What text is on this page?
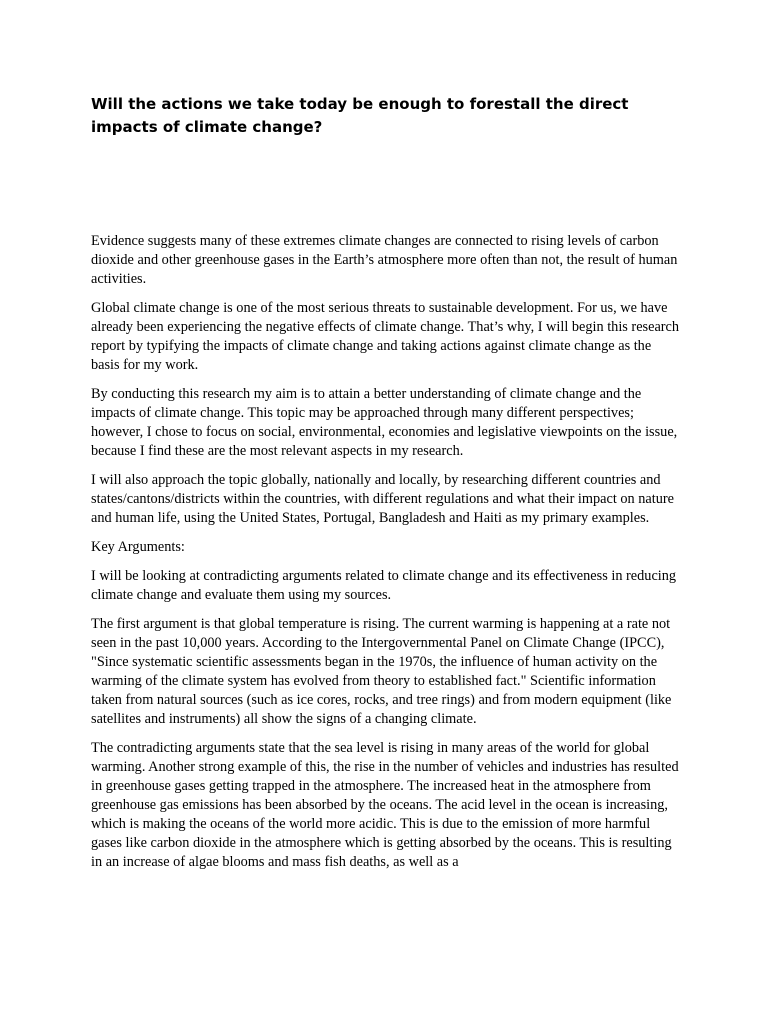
Will the actions we take today be enough to forestall the direct impacts of climate change?

Evidence suggests many of these extremes climate changes are connected to rising levels of carbon dioxide and other greenhouse gases in the Earth’s atmosphere more often than not, the result of human activities.

Global climate change is one of the most serious threats to sustainable development. For us, we have already been experiencing the negative effects of climate change. That’s why, I will begin this research report by typifying the impacts of climate change and taking actions against climate change as the basis for my work.

By conducting this research my aim is to attain a better understanding of climate change and the impacts of climate change. This topic may be approached through many different perspectives; however, I chose to focus on social, environmental, economies and legislative viewpoints on the issue, because I find these are the most relevant aspects in my research.

I will also approach the topic globally, nationally and locally, by researching different countries and states/cantons/districts within the countries, with different regulations and what their impact on nature and human life, using the United States, Portugal, Bangladesh and Haiti as my primary examples.

Key Arguments:

I will be looking at contradicting arguments related to climate change and its effectiveness in reducing climate change and evaluate them using my sources.

The first argument is that global temperature is rising. The current warming is happening at a rate not seen in the past 10,000 years. According to the Intergovernmental Panel on Climate Change (IPCC), "Since systematic scientific assessments began in the 1970s, the influence of human activity on the warming of the climate system has evolved from theory to established fact." Scientific information taken from natural sources (such as ice cores, rocks, and tree rings) and from modern equipment (like satellites and instruments) all show the signs of a changing climate.

The contradicting arguments state that the sea level is rising in many areas of the world for global warming. Another strong example of this, the rise in the number of vehicles and industries has resulted in greenhouse gases getting trapped in the atmosphere. The increased heat in the atmosphere from greenhouse gas emissions has been absorbed by the oceans. The acid level in the ocean is increasing, which is making the oceans of the world more acidic. This is due to the emission of more harmful gases like carbon dioxide in the atmosphere which is getting absorbed by the oceans. This is resulting in an increase of algae blooms and mass fish deaths, as well as a
